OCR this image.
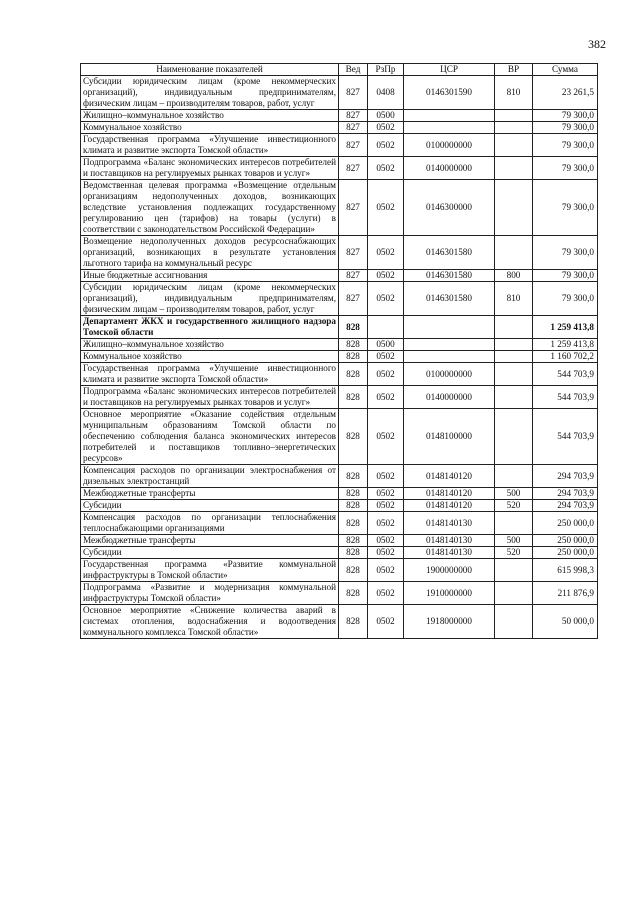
382
Наименование показателей	Вед	РзПр	ЦСР	ВР	Сумма
Субсидии юридическим лицам (кроме некоммерческих организаций), индивидуальным предпринимателям, физическим лицам – производителям товаров, работ, услуг	827	0408	0146301590	810	23 261,5
Жилищно–коммунальное хозяйство	827	0500			79 300,0
Коммунальное хозяйство	827	0502			79 300,0
Государственная программа «Улучшение инвестиционного климата и развитие экспорта Томской области»	827	0502	0100000000		79 300,0
Подпрограмма «Баланс экономических интересов потребителей и поставщиков на регулируемых рынках товаров и услуг»	827	0502	0140000000		79 300,0
Ведомственная целевая программа «Возмещение отдельным организациям недополученных доходов, возникающих вследствие установления подлежащих государственному регулированию цен (тарифов) на товары (услуги) в соответствии с законодательством Российской Федерации»	827	0502	0146300000		79 300,0
Возмещение недополученных доходов ресурсоснабжающих организаций, возникающих в результате установления льготного тарифа на коммунальный ресурс	827	0502	0146301580		79 300,0
Иные бюджетные ассигнования	827	0502	0146301580	800	79 300,0
Субсидии юридическим лицам (кроме некоммерческих организаций), индивидуальным предпринимателям, физическим лицам – производителям товаров, работ, услуг	827	0502	0146301580	810	79 300,0
Департамент ЖКХ и государственного жилищного надзора Томской области	828				1 259 413,8
Жилищно–коммунальное хозяйство	828	0500			1 259 413,8
Коммунальное хозяйство	828	0502			1 160 702,2
Государственная программа «Улучшение инвестиционного климата и развитие экспорта Томской области»	828	0502	0100000000		544 703,9
Подпрограмма «Баланс экономических интересов потребителей и поставщиков на регулируемых рынках товаров и услуг»	828	0502	0140000000		544 703,9
Основное мероприятие «Оказание содействия отдельным муниципальным образованиям Томской области по обеспечению соблюдения баланса экономических интересов потребителей и поставщиков топливно–энергетических ресурсов»	828	0502	0148100000		544 703,9
Компенсация расходов по организации электроснабжения от дизельных электростанций	828	0502	0148140120		294 703,9
Межбюджетные трансферты	828	0502	0148140120	500	294 703,9
Субсидии	828	0502	0148140120	520	294 703,9
Компенсация расходов по организации теплоснабжения теплоснабжающими организациями	828	0502	0148140130		250 000,0
Межбюджетные трансферты	828	0502	0148140130	500	250 000,0
Субсидии	828	0502	0148140130	520	250 000,0
Государственная программа «Развитие коммунальной инфраструктуры в Томской области»	828	0502	1900000000		615 998,3
Подпрограмма «Развитие и модернизация коммунальной инфраструктуры Томской области»	828	0502	1910000000		211 876,9
Основное мероприятие «Снижение количества аварий в системах отопления, водоснабжения и водоотведения коммунального комплекса Томской области»	828	0502	1918000000		50 000,0
